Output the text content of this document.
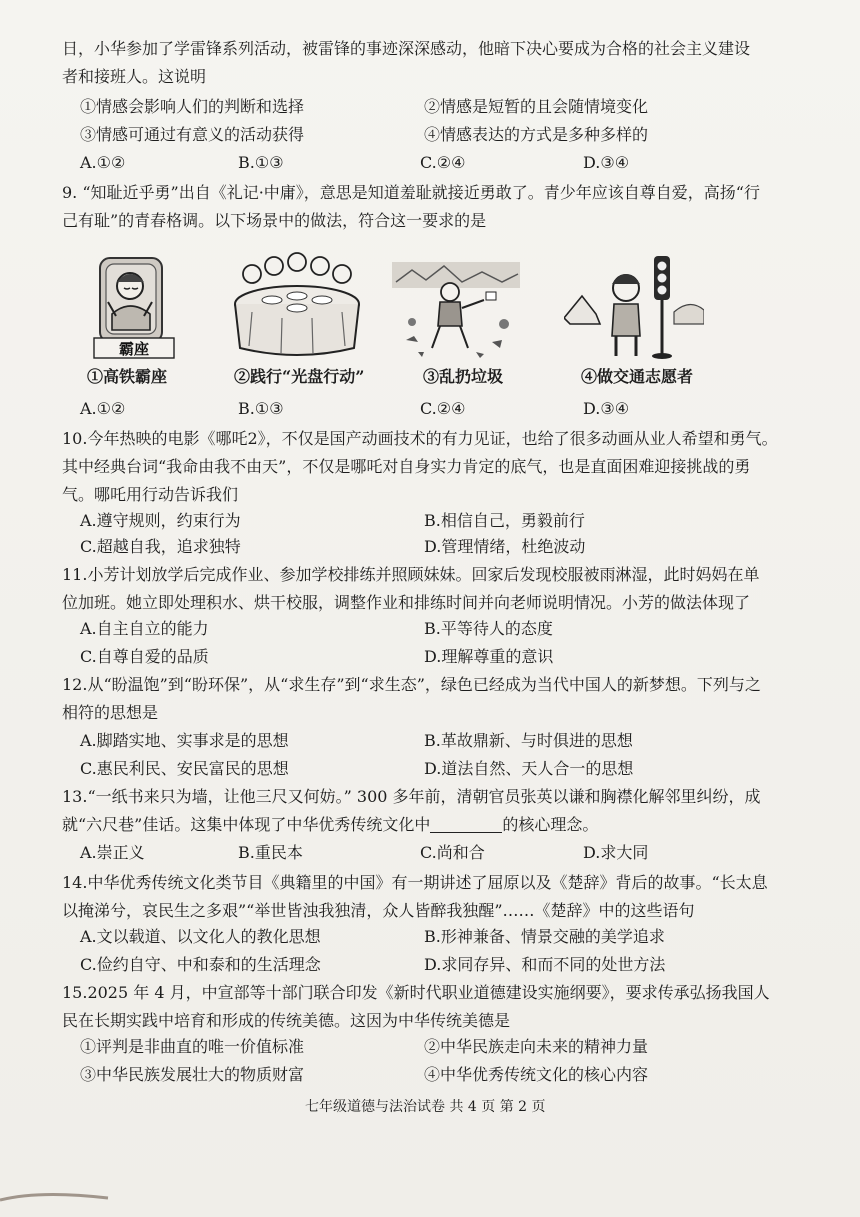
日，小华参加了学雷锋系列活动，被雷锋的事迹深深感动，他暗下决心要成为合格的社会主义建设
者和接班人。这说明
①情感会影响人们的判断和选择	②情感是短暂的且会随情境变化
③情感可通过有意义的活动获得	④情感表达的方式是多种多样的
A.①②	B.①③	C.②④	D.③④
9. “知耻近乎勇”出自《礼记·中庸》，意思是知道羞耻就接近勇敢了。青少年应该自尊自爱，高扬“行
己有耻”的青春格调。以下场景中的做法，符合这一要求的是
霸座
①高铁霸座	②践行“光盘行动”	③乱扔垃圾	④做交通志愿者
A.①②	B.①③	C.②④	D.③④
10.今年热映的电影《哪吒2》，不仅是国产动画技术的有力见证，也给了很多动画从业人希望和勇气。
其中经典台词“我命由我不由天”，不仅是哪吒对自身实力肯定的底气，也是直面困难迎接挑战的勇
气。哪吒用行动告诉我们
A.遵守规则，约束行为	B.相信自己，勇毅前行
C.超越自我，追求独特	D.管理情绪，杜绝波动
11.小芳计划放学后完成作业、参加学校排练并照顾妹妹。回家后发现校服被雨淋湿，此时妈妈在单
位加班。她立即处理积水、烘干校服，调整作业和排练时间并向老师说明情况。小芳的做法体现了
A.自主自立的能力	B.平等待人的态度
C.自尊自爱的品质	D.理解尊重的意识
12.从“盼温饱”到“盼环保”，从“求生存”到“求生态”，绿色已经成为当代中国人的新梦想。下列与之
相符的思想是
A.脚踏实地、实事求是的思想	B.革故鼎新、与时俱进的思想
C.惠民利民、安民富民的思想	D.道法自然、天人合一的思想
13.“一纸书来只为墙，让他三尺又何妨。” 300 多年前，清朝官员张英以谦和胸襟化解邻里纠纷，成
就“六尺巷”佳话。这集中体现了中华优秀传统文化中	的核心理念。
A.崇正义	B.重民本	C.尚和合	D.求大同
14.中华优秀传统文化类节目《典籍里的中国》有一期讲述了屈原以及《楚辞》背后的故事。“长太息
以掩涕兮，哀民生之多艰”“举世皆浊我独清，众人皆醉我独醒”……《楚辞》中的这些语句
A.文以载道、以文化人的教化思想	B.形神兼备、情景交融的美学追求
C.俭约自守、中和泰和的生活理念	D.求同存异、和而不同的处世方法
15.2025 年 4 月，中宣部等十部门联合印发《新时代职业道德建设实施纲要》，要求传承弘扬我国人
民在长期实践中培育和形成的传统美德。这因为中华传统美德是
①评判是非曲直的唯一价值标准	②中华民族走向未来的精神力量
③中华民族发展壮大的物质财富	④中华优秀传统文化的核心内容
七年级道德与法治试卷 共 4 页 第 2 页
